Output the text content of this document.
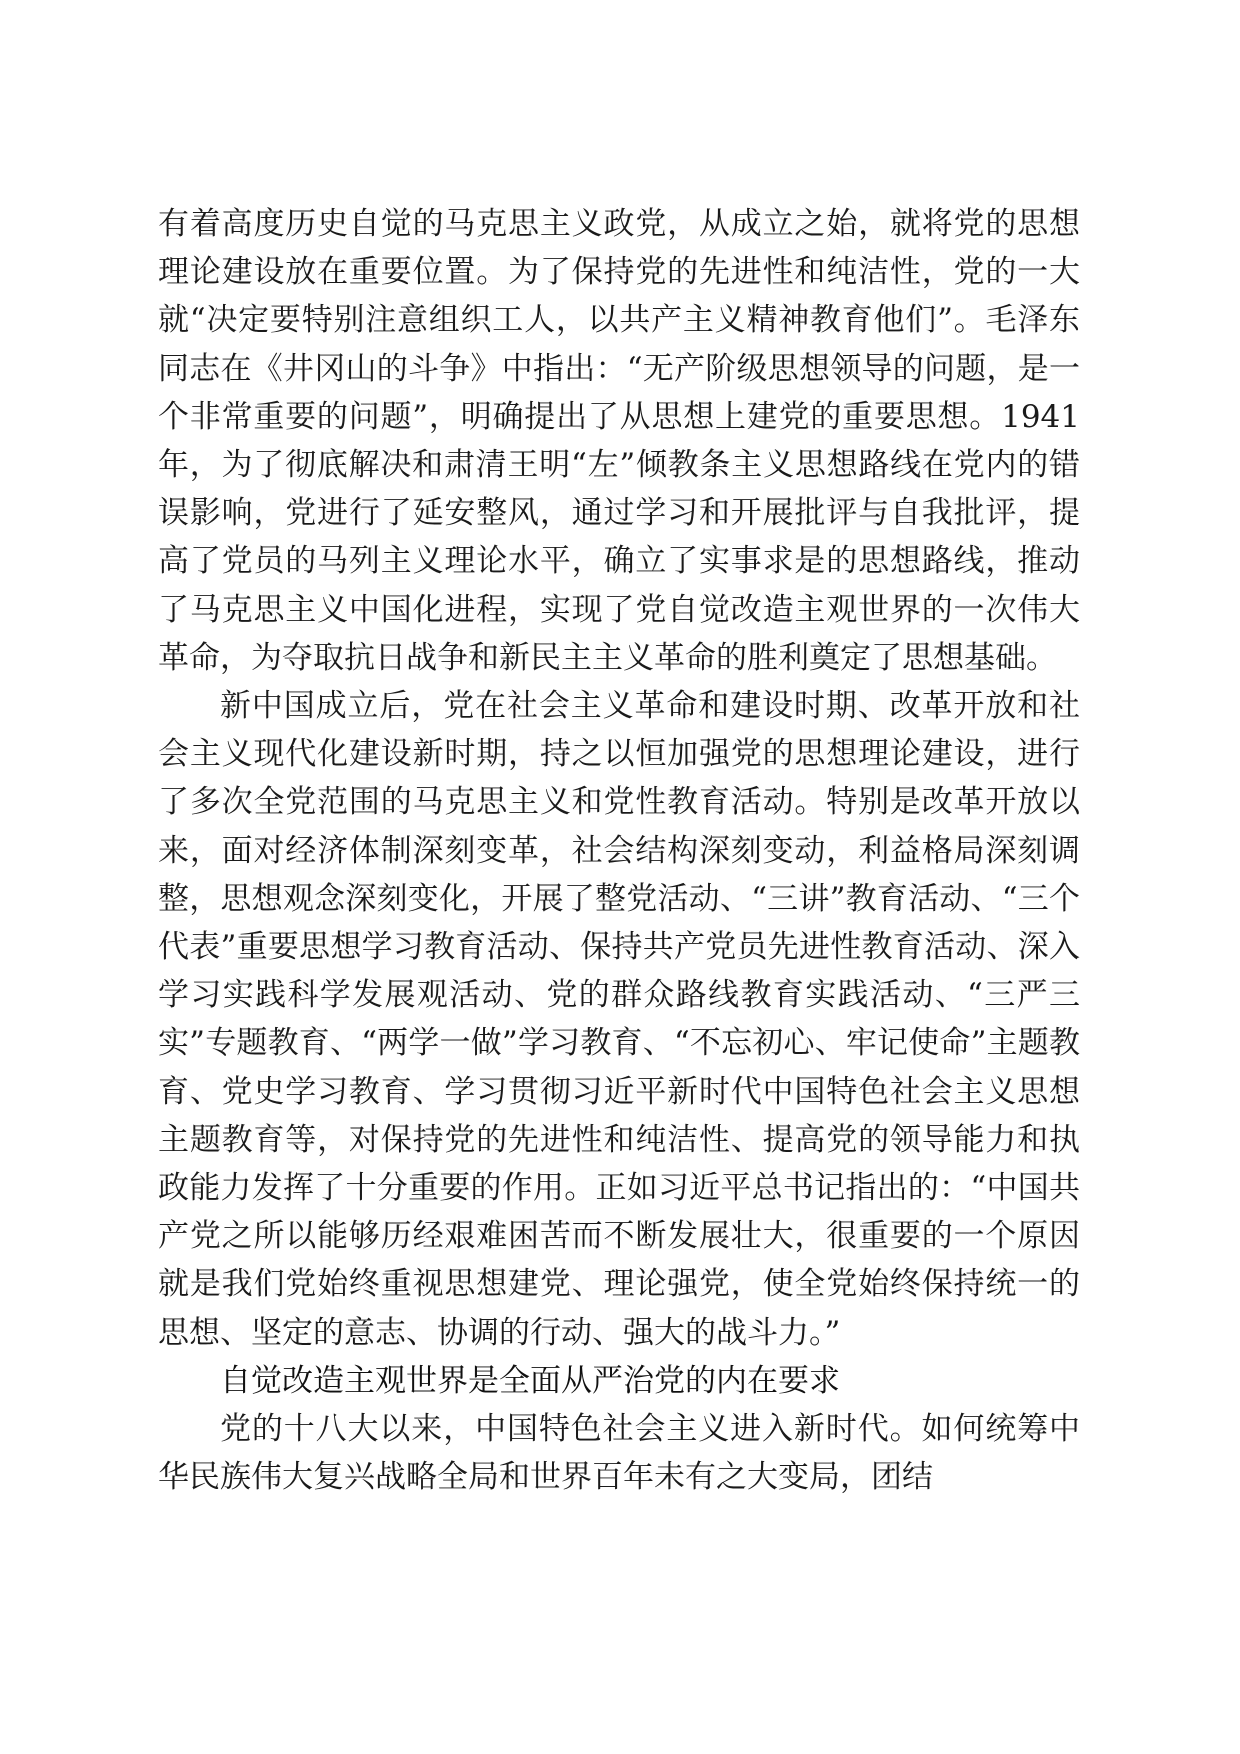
有着高度历史自觉的马克思主义政党，从成立之始，就将党的思想理论建设放在重要位置。为了保持党的先进性和纯洁性，党的一大就“决定要特别注意组织工人，以共产主义精神教育他们”。毛泽东同志在《井冈山的斗争》中指出：“无产阶级思想领导的问题，是一个非常重要的问题”，明确提出了从思想上建党的重要思想。1941年，为了彻底解决和肃清王明“左”倾教条主义思想路线在党内的错误影响，党进行了延安整风，通过学习和开展批评与自我批评，提高了党员的马列主义理论水平，确立了实事求是的思想路线，推动了马克思主义中国化进程，实现了党自觉改造主观世界的一次伟大革命，为夺取抗日战争和新民主主义革命的胜利奠定了思想基础。

新中国成立后，党在社会主义革命和建设时期、改革开放和社会主义现代化建设新时期，持之以恒加强党的思想理论建设，进行了多次全党范围的马克思主义和党性教育活动。特别是改革开放以来，面对经济体制深刻变革，社会结构深刻变动，利益格局深刻调整，思想观念深刻变化，开展了整党活动、“三讲”教育活动、“三个代表”重要思想学习教育活动、保持共产党员先进性教育活动、深入学习实践科学发展观活动、党的群众路线教育实践活动、“三严三实”专题教育、“两学一做”学习教育、“不忘初心、牢记使命”主题教育、党史学习教育、学习贯彻习近平新时代中国特色社会主义思想主题教育等，对保持党的先进性和纯洁性、提高党的领导能力和执政能力发挥了十分重要的作用。正如习近平总书记指出的：“中国共产党之所以能够历经艰难困苦而不断发展壮大，很重要的一个原因就是我们党始终重视思想建党、理论强党，使全党始终保持统一的思想、坚定的意志、协调的行动、强大的战斗力。”

自觉改造主观世界是全面从严治党的内在要求

党的十八大以来，中国特色社会主义进入新时代。如何统筹中华民族伟大复兴战略全局和世界百年未有之大变局，团结
